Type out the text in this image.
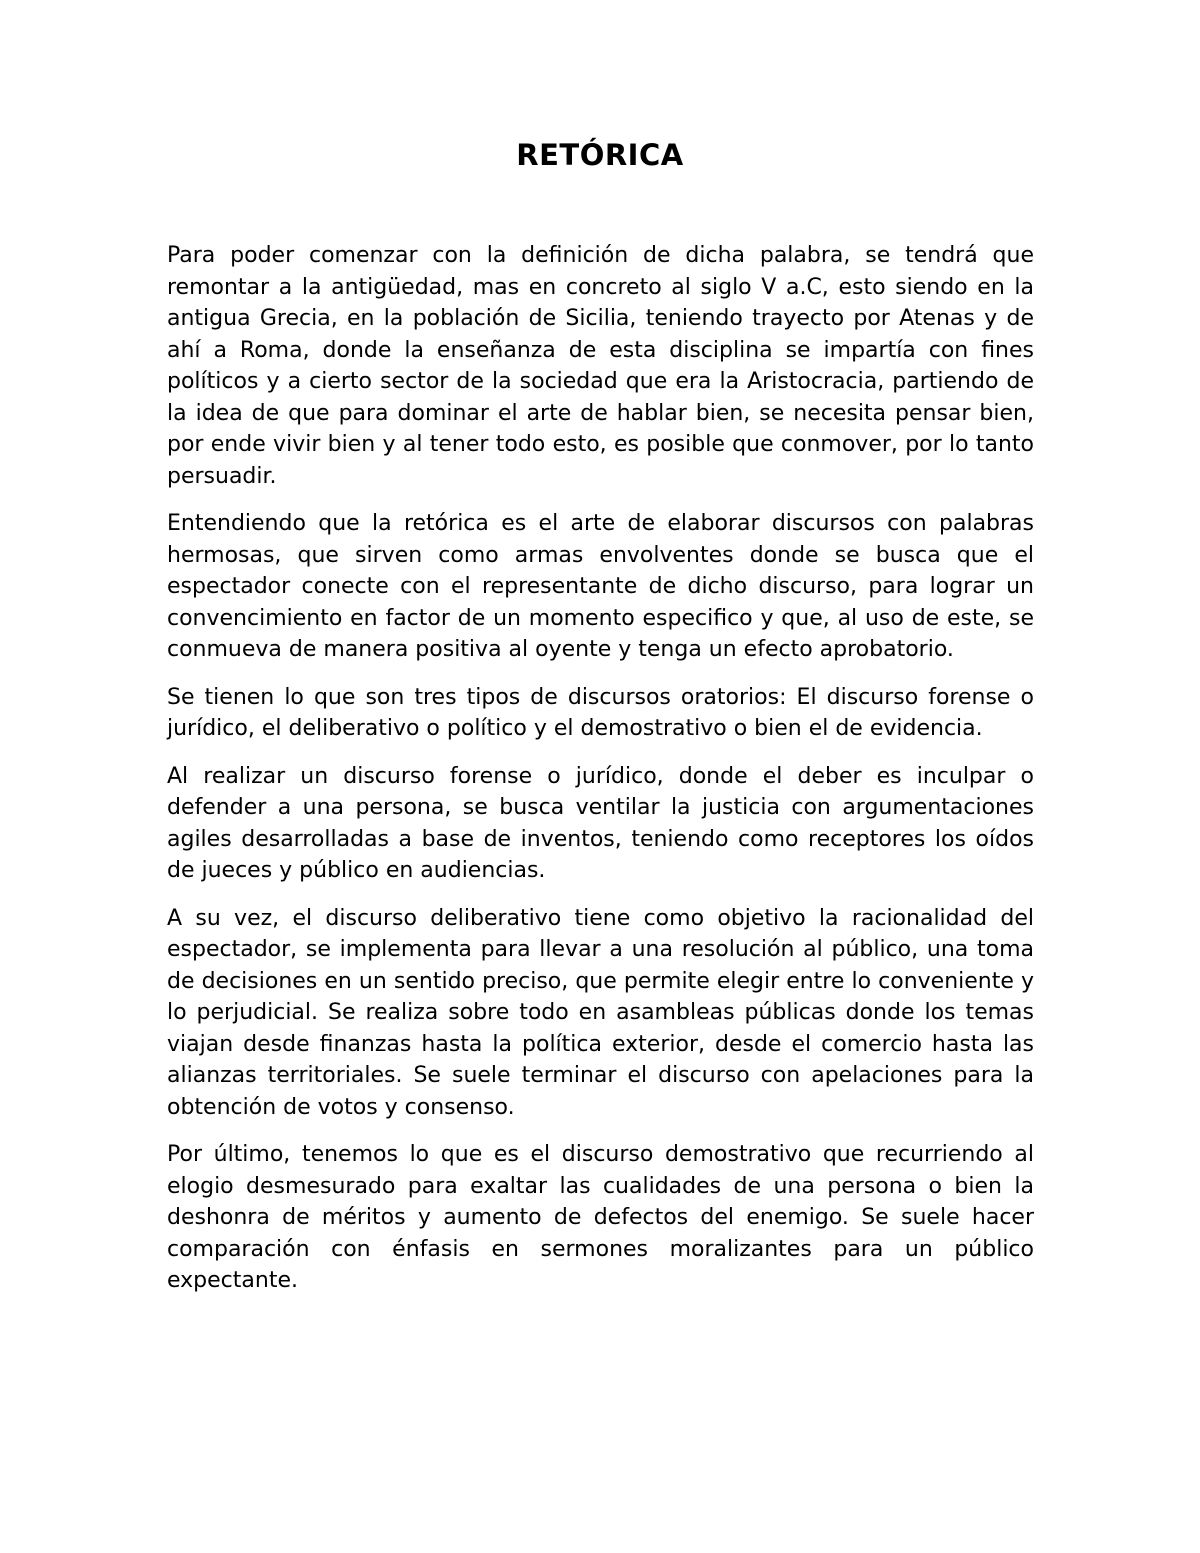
RETÓRICA

Para poder comenzar con la definición de dicha palabra, se tendrá que remontar a la antigüedad, mas en concreto al siglo V a.C, esto siendo en la antigua Grecia, en la población de Sicilia, teniendo trayecto por Atenas y de ahí a Roma, donde la enseñanza de esta disciplina se impartía con fines políticos y a cierto sector de la sociedad que era la Aristocracia, partiendo de la idea de que para dominar el arte de hablar bien, se necesita pensar bien, por ende vivir bien y al tener todo esto, es posible que conmover, por lo tanto persuadir.

Entendiendo que la retórica es el arte de elaborar discursos con palabras hermosas, que sirven como armas envolventes donde se busca que el espectador conecte con el representante de dicho discurso, para lograr un convencimiento en factor de un momento especifico y que, al uso de este, se conmueva de manera positiva al oyente y tenga un efecto aprobatorio.

Se tienen lo que son tres tipos de discursos oratorios: El discurso forense o jurídico, el deliberativo o político y el demostrativo o bien el de evidencia.

Al realizar un discurso forense o jurídico, donde el deber es inculpar o defender a una persona, se busca ventilar la justicia con argumentaciones agiles desarrolladas a base de inventos, teniendo como receptores los oídos de jueces y público en audiencias.

A su vez, el discurso deliberativo tiene como objetivo la racionalidad del espectador, se implementa para llevar a una resolución al público, una toma de decisiones en un sentido preciso, que permite elegir entre lo conveniente y lo perjudicial. Se realiza sobre todo en asambleas públicas donde los temas viajan desde finanzas hasta la política exterior, desde el comercio hasta las alianzas territoriales. Se suele terminar el discurso con apelaciones para la obtención de votos y consenso.

Por último, tenemos lo que es el discurso demostrativo que recurriendo al elogio desmesurado para exaltar las cualidades de una persona o bien la deshonra de méritos y aumento de defectos del enemigo. Se suele hacer comparación con énfasis en sermones moralizantes para un público expectante.
